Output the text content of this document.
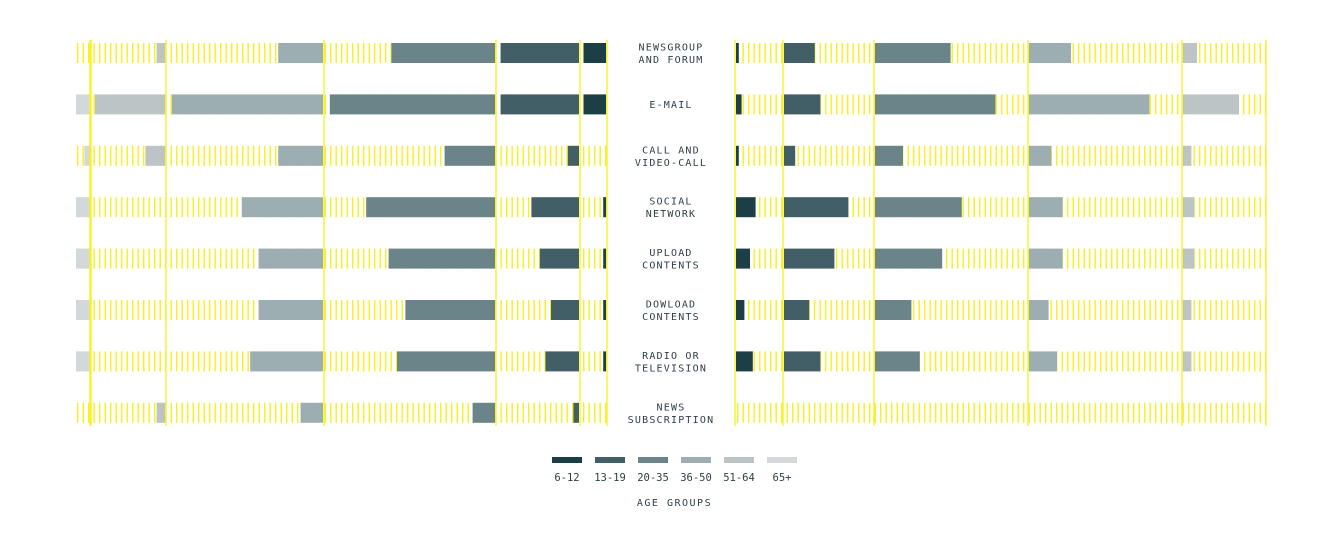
NEWSGROUP AND FORUM
E-MAIL
CALL AND VIDEO-CALL
SOCIAL NETWORK
UPLOAD CONTENTS
DOWLOAD CONTENTS
RADIO OR TELEVISION
NEWS SUBSCRIPTION
6-12 13-19 20-35 36-50 51-64 65+
AGE GROUPS
